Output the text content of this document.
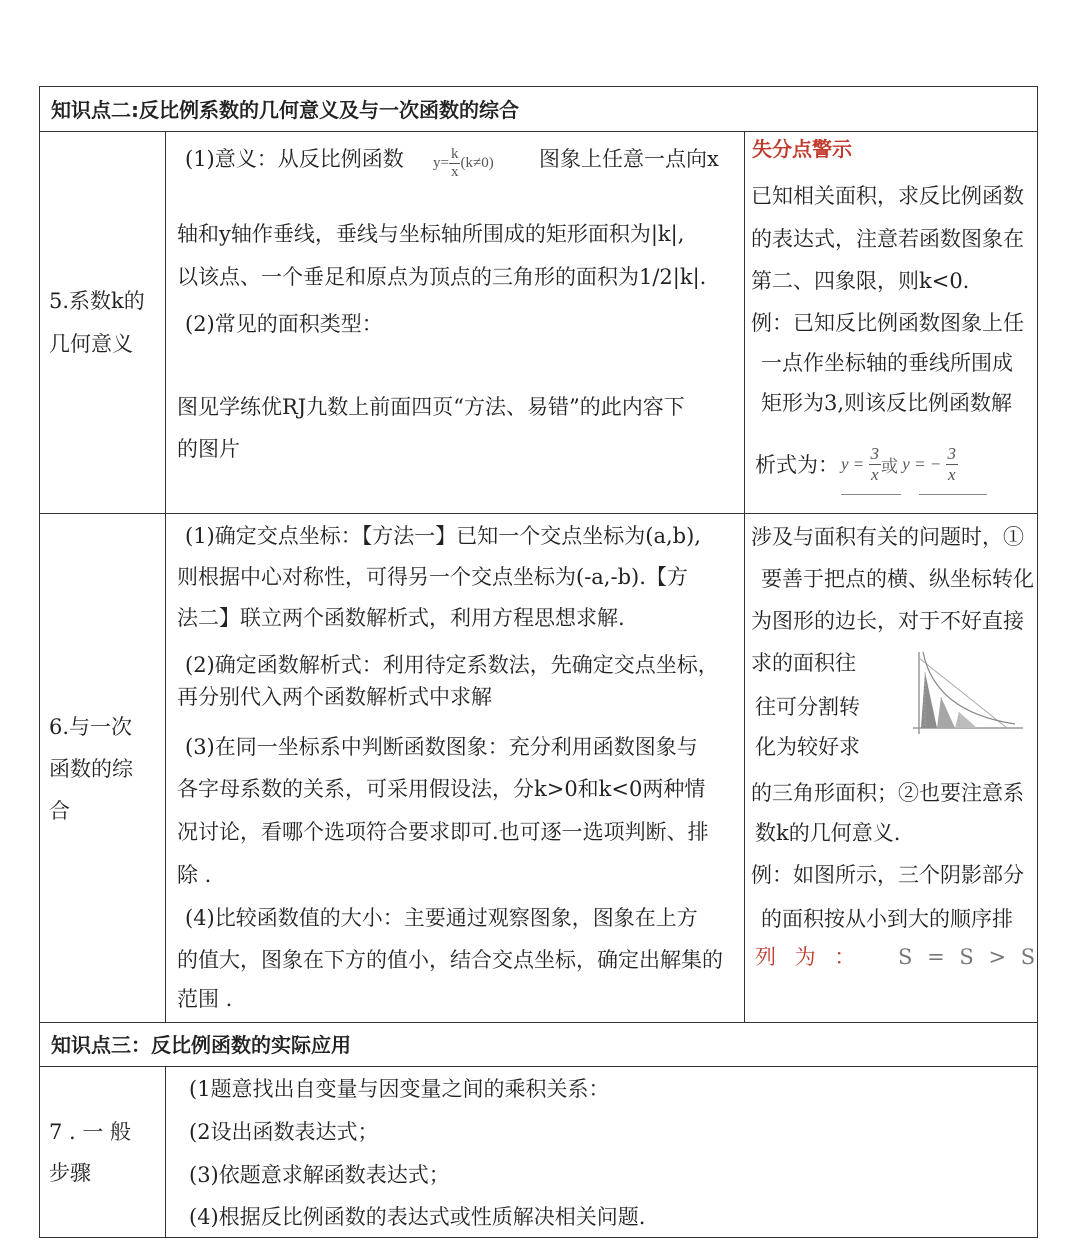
知识点二:反比例系数的几何意义及与一次函数的综合
5.系数k的
几何意义
(1)意义：从反比例函数 $y= \frac{k}{x} (k\ne 0)$ 图象上任意一点向x
轴和y轴作垂线，垂线与坐标轴所围成的矩形面积为|k|,
以该点、一个垂足和原点为顶点的三角形的面积为1/2|k|.
(2)常见的面积类型：
图见学练优RJ九数上前面四页“方法、易错”的此内容下
的图片
失分点警示
已知相关面积，求反比例函数
的表达式，注意若函数图象在
第二、四象限，则k<0.
例：已知反比例函数图象上任
一点作坐标轴的垂线所围成
矩形为3,则该反比例函数解
析式为： $y = \frac{3}{x}$ 或 y = − $\frac{3}{x}$
6.与一次
函数的综
合
(1)确定交点坐标：【方法一】已知一个交点坐标为(a,b),
则根据中心对称性，可得另一个交点坐标为(-a,-b).【方
法二】联立两个函数解析式，利用方程思想求解.
(2)确定函数解析式：利用待定系数法，先确定交点坐标，
再分别代入两个函数解析式中求解
(3)在同一坐标系中判断函数图象：充分利用函数图象与
各字母系数的关系，可采用假设法，分k>0和k<0两种情
况讨论，看哪个选项符合要求即可.也可逐一选项判断、排
除 .
(4)比较函数值的大小：主要通过观察图象，图象在上方
的值大，图象在下方的值小，结合交点坐标，确定出解集的
范围 .
涉及与面积有关的问题时，①
要善于把点的横、纵坐标转化
为图形的边长，对于不好直接
求的面积往
往可分割转
化为较好求
的三角形面积；②也要注意系
数k的几何意义.
例：如图所示，三个阴影部分
的面积按从小到大的顺序排
列 为 ： S = S > S
知识点三：反比例函数的实际应用
7 . 一 般
步骤
(1题意找出自变量与因变量之间的乘积关系：
(2设出函数表达式；
(3)依题意求解函数表达式；
(4)根据反比例函数的表达式或性质解决相关问题.
